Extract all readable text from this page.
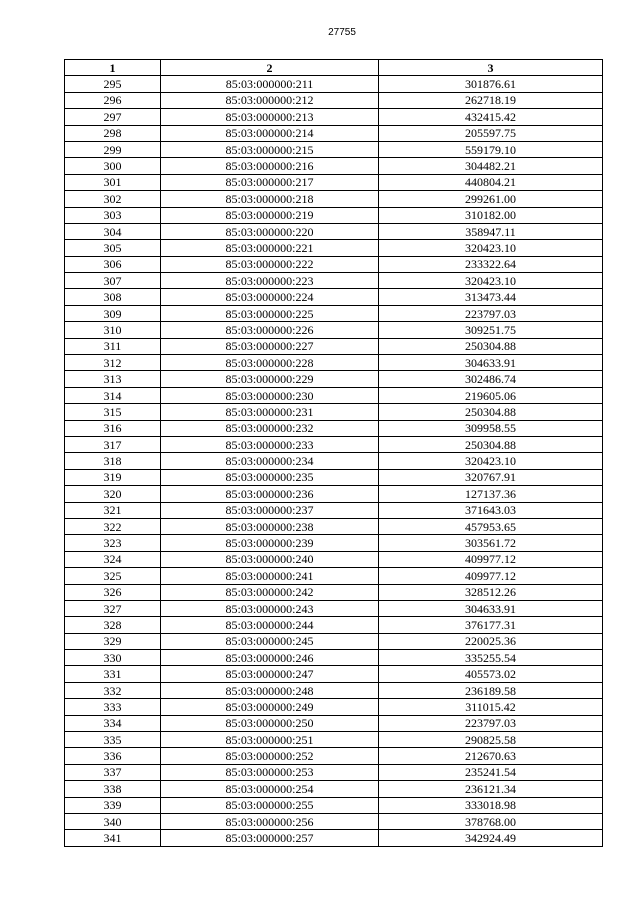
27755
1	2	3
295	85:03:000000:211	301876.61
296	85:03:000000:212	262718.19
297	85:03:000000:213	432415.42
298	85:03:000000:214	205597.75
299	85:03:000000:215	559179.10
300	85:03:000000:216	304482.21
301	85:03:000000:217	440804.21
302	85:03:000000:218	299261.00
303	85:03:000000:219	310182.00
304	85:03:000000:220	358947.11
305	85:03:000000:221	320423.10
306	85:03:000000:222	233322.64
307	85:03:000000:223	320423.10
308	85:03:000000:224	313473.44
309	85:03:000000:225	223797.03
310	85:03:000000:226	309251.75
311	85:03:000000:227	250304.88
312	85:03:000000:228	304633.91
313	85:03:000000:229	302486.74
314	85:03:000000:230	219605.06
315	85:03:000000:231	250304.88
316	85:03:000000:232	309958.55
317	85:03:000000:233	250304.88
318	85:03:000000:234	320423.10
319	85:03:000000:235	320767.91
320	85:03:000000:236	127137.36
321	85:03:000000:237	371643.03
322	85:03:000000:238	457953.65
323	85:03:000000:239	303561.72
324	85:03:000000:240	409977.12
325	85:03:000000:241	409977.12
326	85:03:000000:242	328512.26
327	85:03:000000:243	304633.91
328	85:03:000000:244	376177.31
329	85:03:000000:245	220025.36
330	85:03:000000:246	335255.54
331	85:03:000000:247	405573.02
332	85:03:000000:248	236189.58
333	85:03:000000:249	311015.42
334	85:03:000000:250	223797.03
335	85:03:000000:251	290825.58
336	85:03:000000:252	212670.63
337	85:03:000000:253	235241.54
338	85:03:000000:254	236121.34
339	85:03:000000:255	333018.98
340	85:03:000000:256	378768.00
341	85:03:000000:257	342924.49
